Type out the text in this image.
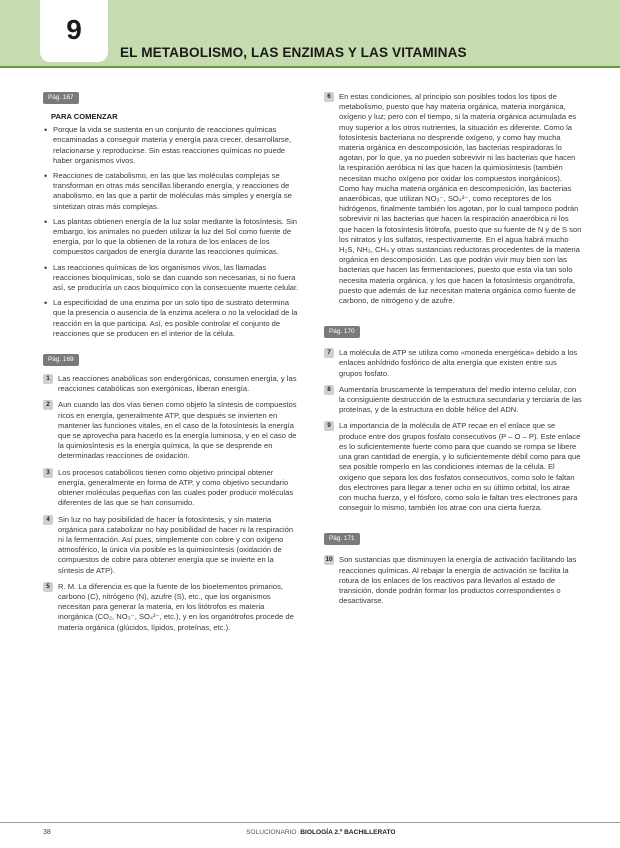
9
EL METABOLISMO, LAS ENZIMAS Y LAS VITAMINAS
Pág. 167
PARA COMENZAR
• Porque la vida se sustenta en un conjunto de reacciones químicas encaminadas a conseguir materia y energía para crecer, desarrollarse, relacionarse y reproducirse. Sin estas reacciones químicas no puede haber organismos vivos.
• Reacciones de catabolismo, en las que las moléculas complejas se transforman en otras más sencillas liberando energía, y reacciones de anabolismo, en las que a partir de moléculas más simples y energía se sintetizan otras más complejas.
• Las plantas obtienen energía de la luz solar mediante la fotosíntesis. Sin embargo, los animales no pueden utilizar la luz del Sol como fuente de energía, por lo que la obtienen de la rotura de los enlaces de los compuestos cargados de energía durante las reacciones químicas.
• Las reacciones químicas de los organismos vivos, las llamadas reacciones bioquímicas, solo se dan cuando son necesarias, si no fuera así, se produciría un caos bioquímico con la consecuente muerte celular.
• La especificidad de una enzima por un solo tipo de sustrato determina que la presencia o ausencia de la enzima acelera o no la velocidad de la reacción en la que participa. Así, es posible controlar el conjunto de reacciones que se producen en el interior de la célula.
Pág. 169
1	Las reacciones anabólicas son endergónicas, consumen energía, y las reacciones catabólicas son exergónicas, liberan energía.
2	Aun cuando las dos vías tienen como objeto la síntesis de compuestos ricos en energía, generalmente ATP, que después se invierten en mantener las funciones vitales, en el caso de la fotosíntesis la energía que se aprovecha para hacerlo es la energía luminosa, y en el caso de la quimiosíntesis es la energía química, la que se desprende en determinadas reacciones de oxidación.
3	Los procesos catabólicos tienen como objetivo principal obtener energía, generalmente en forma de ATP, y como objetivo secundario obtener moléculas pequeñas con las cuales poder producir moléculas diferentes de las que se han consumido.
4	Sin luz no hay posibilidad de hacer la fotosíntesis, y sin materia orgánica para catabolizar no hay posibilidad de hacer ni la respiración ni la fermentación. Así pues, simplemente con cobre y con oxígeno atmosférico, la única vía posible es la quimiosíntesis (oxidación de compuestos de cobre para obtener energía que se invierte en la síntesis de ATP).
5	R. M. La diferencia es que la fuente de los bioelementos primarios, carbono (C), nitrógeno (N), azufre (S), etc., que los organismos necesitan para generar la materia, en los litótrofos es materia inorgánica (CO₂, NO₃⁻, SO₄²⁻, etc.), y en los organótrofos procede de materia orgánica (glúcidos, lípidos, proteínas, etc.).
6	En estas condiciones, al principio son posibles todos los tipos de metabolismo, puesto que hay materia orgánica, materia inorgánica, oxígeno y luz; pero con el tiempo, si la materia orgánica acumulada es muy superior a los otros nutrientes, la situación es diferente. Como la fotosíntesis bacteriana no desprende oxígeno, y como hay mucha materia orgánica en descomposición, las bacterias respiradoras lo agotan, por lo que, ya no pueden sobrevivir ni las bacterias que hacen la respiración aeróbica ni las que hacen la quimiosíntesis (también necesitan mucho oxígeno por oxidar los compuestos inorgánicos). Como hay mucha materia orgánica en descomposición, las bacterias anaeróbicas, que utilizan NO₃⁻, SO₄²⁻, como receptores de los hidrógenos, finalmente también los agotan, por lo cual tampoco podrán sobrevivir ni las bacterias que hacen la respiración anaeróbica ni los que hacen la fotosíntesis litótrofa, puesto que su fuente de N y de S son los nitratos y los sulfatos, respectivamente. En el agua habrá mucho H₂S, NH₃, CH₄ y otras sustancias reductoras procedentes de la materia orgánica en descomposición. Las que podrán vivir muy bien son las bacterias que hacen las fermentaciones, puesto que esta vía tan solo necesita materia orgánica, y los que hacen la fotosíntesis organótrofa, puesto que además de luz necesitan materia orgánica como fuente de carbono, de nitrógeno y de azufre.
Pág. 170
7	La molécula de ATP se utiliza como «moneda energética» debido a los enlaces anhídrido fosfórico de alta energía que existen entre sus grupos fosfato.
8	Aumentaría bruscamente la temperatura del medio interno celular, con la consiguiente destrucción de la estructura secundaria y terciaria de las proteínas, y de la estructura en doble hélice del ADN.
9	La importancia de la molécula de ATP recae en el enlace que se produce entre dos grupos fosfato consecutivos (P – O – P). Este enlace es lo suficientemente fuerte como para que cuando se rompa se libere una gran cantidad de energía, y lo suficientemente débil como para que sea posible romperlo en las condiciones internas de la célula. El oxígeno que separa los dos fosfatos consecutivos, como solo le faltan dos electrones para llegar a tener ocho en su último orbital, los atrae con mucha fuerza, y el fósforo, como solo le faltan tres electrones para conseguir lo mismo, también los atrae con una cierta fuerza.
Pág. 171
10 Son sustancias que disminuyen la energía de activación facilitando las reacciones químicas. Al rebajar la energía de activación se facilita la rotura de los enlaces de los reactivos para llevarlos al estado de transición, donde podrán formar los productos correspondientes o desactivarse.
38	SOLUCIONARIO BIOLOGÍA 2.º BACHILLERATO
